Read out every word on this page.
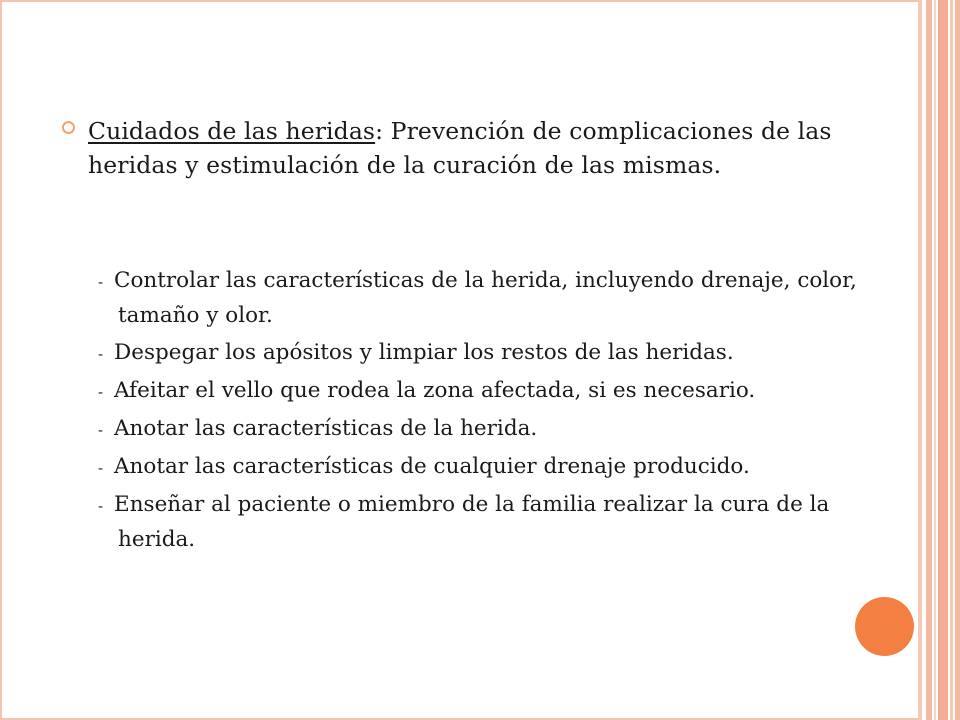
Cuidados de las heridas: Prevención de complicaciones de las heridas y estimulación de la curación de las mismas.
- Controlar las características de la herida, incluyendo drenaje, color, tamaño y olor.
- Despegar los apósitos y limpiar los restos de las heridas.
- Afeitar el vello que rodea la zona afectada, si es necesario.
- Anotar las características de la herida.
- Anotar las características de cualquier drenaje producido.
- Enseñar al paciente o miembro de la familia realizar la cura de la herida.
